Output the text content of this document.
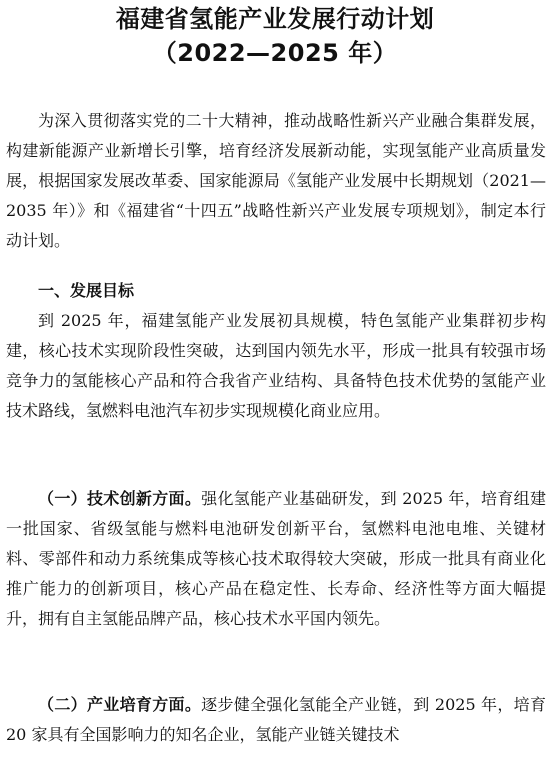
福建省氢能产业发展行动计划
（2022—2025 年）

为深入贯彻落实党的二十大精神，推动战略性新兴产业融合集群发展，构建新能源产业新增长引擎，培育经济发展新动能，实现氢能产业高质量发展，根据国家发展改革委、国家能源局《氢能产业发展中长期规划（2021—2035 年）》和《福建省“十四五”战略性新兴产业发展专项规划》，制定本行动计划。

一、发展目标

到 2025 年，福建氢能产业发展初具规模，特色氢能产业集群初步构建，核心技术实现阶段性突破，达到国内领先水平，形成一批具有较强市场竞争力的氢能核心产品和符合我省产业结构、具备特色技术优势的氢能产业技术路线，氢燃料电池汽车初步实现规模化商业应用。

（一）技术创新方面。强化氢能产业基础研发，到 2025 年，培育组建一批国家、省级氢能与燃料电池研发创新平台，氢燃料电池电堆、关键材料、零部件和动力系统集成等核心技术取得较大突破，形成一批具有商业化推广能力的创新项目，核心产品在稳定性、长寿命、经济性等方面大幅提升，拥有自主氢能品牌产品，核心技术水平国内领先。

（二）产业培育方面。逐步健全强化氢能全产业链，到 2025 年，培育 20 家具有全国影响力的知名企业，氢能产业链关键技术
